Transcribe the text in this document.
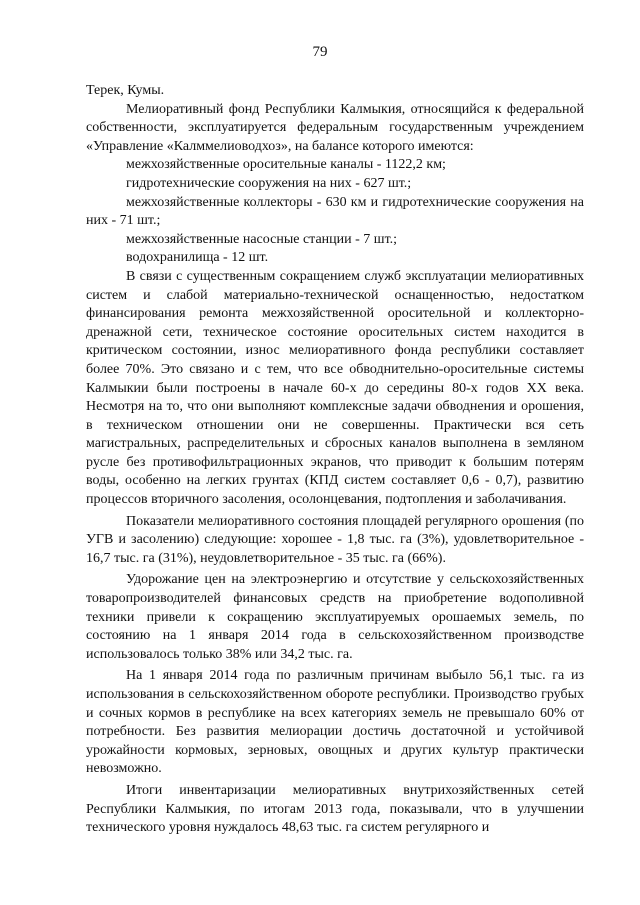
79

Терек, Кумы.

Мелиоративный фонд Республики Калмыкия, относящийся к федеральной собственности, эксплуатируется федеральным государственным учреждением «Управление «Калммелиоводхоз», на балансе которого имеются:

межхозяйственные оросительные каналы - 1122,2 км;

гидротехнические сооружения на них - 627 шт.;

межхозяйственные коллекторы - 630 км и гидротехнические сооружения на них - 71 шт.;

межхозяйственные насосные станции - 7 шт.;

водохранилища - 12 шт.

В связи с существенным сокращением служб эксплуатации мелиоративных систем и слабой материально-технической оснащенностью, недостатком финансирования ремонта межхозяйственной оросительной и коллекторно-дренажной сети, техническое состояние оросительных систем находится в критическом состоянии, износ мелиоративного фонда республики составляет более 70%. Это связано и с тем, что все обводнительно-оросительные системы Калмыкии были построены в начале 60-х до середины 80-х годов XX века. Несмотря на то, что они выполняют комплексные задачи обводнения и орошения, в техническом отношении они не совершенны. Практически вся сеть магистральных, распределительных и сбросных каналов выполнена в земляном русле без противофильтрационных экранов, что приводит к большим потерям воды, особенно на легких грунтах (КПД систем составляет 0,6 - 0,7), развитию процессов вторичного засоления, осолонцевания, подтопления и заболачивания.

Показатели мелиоративного состояния площадей регулярного орошения (по УГВ и засолению) следующие: хорошее - 1,8 тыс. га (3%), удовлетворительное - 16,7 тыс. га (31%), неудовлетворительное - 35 тыс. га (66%).

Удорожание цен на электроэнергию и отсутствие у сельскохозяйственных товаропроизводителей финансовых средств на приобретение водополивной техники привели к сокращению эксплуатируемых орошаемых земель, по состоянию на 1 января 2014 года в сельскохозяйственном производстве использовалось только 38% или 34,2 тыс. га.

На 1 января 2014 года по различным причинам выбыло 56,1 тыс. га из использования в сельскохозяйственном обороте республики. Производство грубых и сочных кормов в республике на всех категориях земель не превышало 60% от потребности. Без развития мелиорации достичь достаточной и устойчивой урожайности кормовых, зерновых, овощных и других культур практически невозможно.

Итоги инвентаризации мелиоративных внутрихозяйственных сетей Республики Калмыкия, по итогам 2013 года, показывали, что в улучшении технического уровня нуждалось 48,63 тыс. га систем регулярного и
